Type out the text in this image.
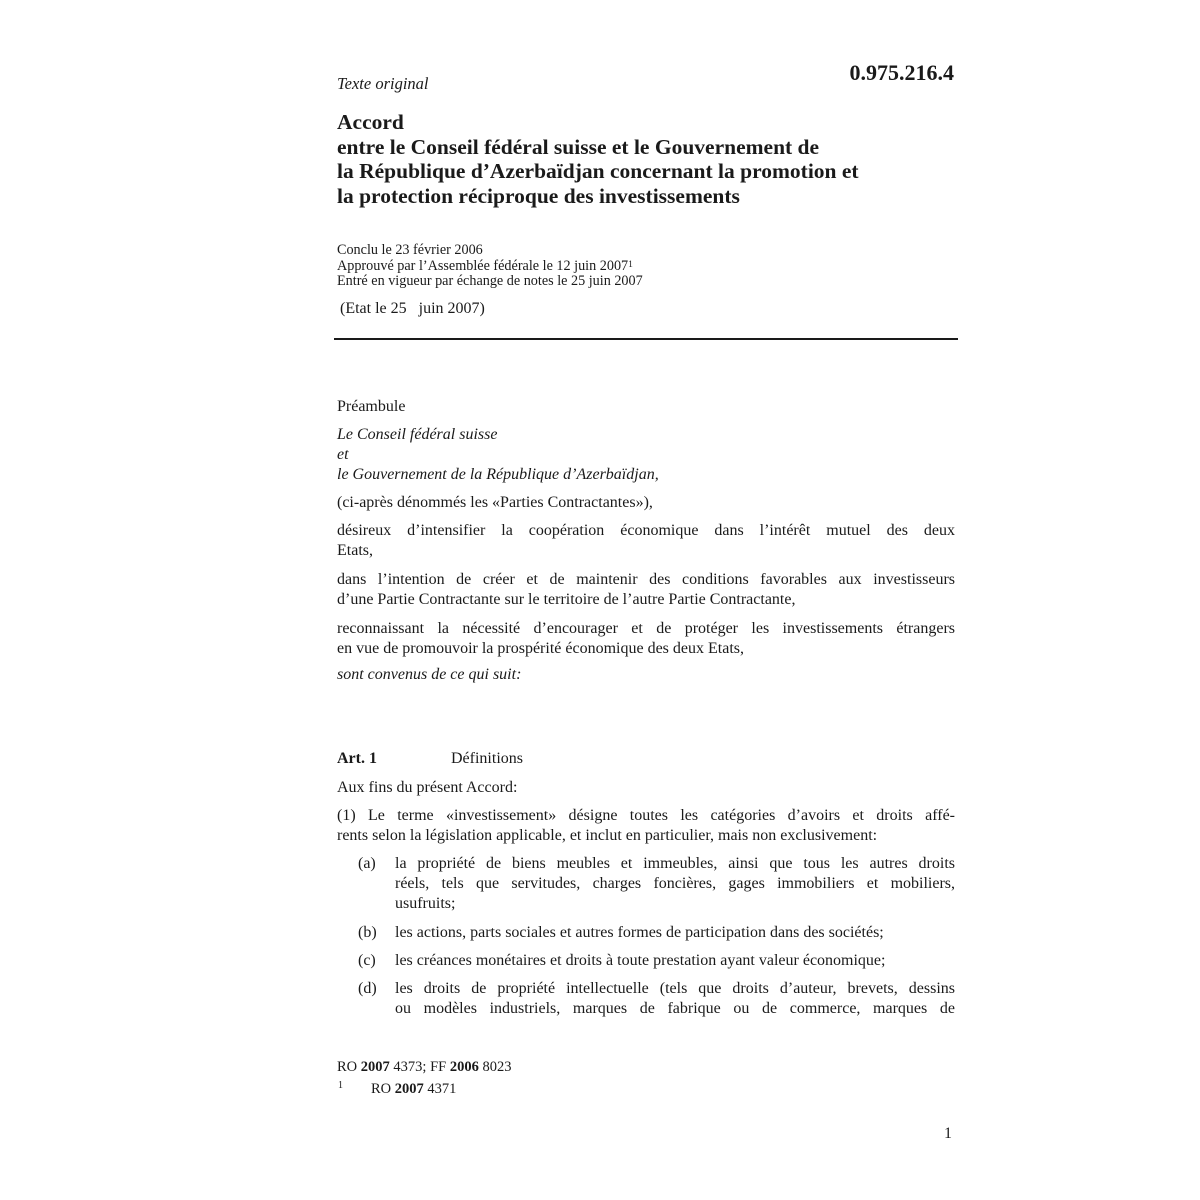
Texte original	0.975.216.4
Accord
entre le Conseil fédéral suisse et le Gouvernement de
la République d’Azerbaïdjan concernant la promotion et
la protection réciproque des investissements
Conclu le 23 février 2006
Approuvé par l’Assemblée fédérale le 12 juin 2007$^1$
Entré en vigueur par échange de notes le 25 juin 2007
(Etat le 25   juin 2007)
Préambule
Le Conseil fédéral suisse
et
le Gouvernement de la République d’Azerbaïdjan,
(ci-après dénommés les «Parties Contractantes»),
désireux d’intensifier la coopération économique dans l’intérêt mutuel des deux
Etats,
dans l’intention de créer et de maintenir des conditions favorables aux investisseurs
d’une Partie Contractante sur le territoire de l’autre Partie Contractante,
reconnaissant la nécessité d’encourager et de protéger les investissements étrangers
en vue de promouvoir la prospérité économique des deux Etats,
sont convenus de ce qui suit:
Art. 1	Définitions
Aux fins du présent Accord:
(1) Le terme «investissement» désigne toutes les catégories d’avoirs et droits affé-
rents selon la législation applicable, et inclut en particulier, mais non exclusivement:
(a) la propriété de biens meubles et immeubles, ainsi que tous les autres droits
réels, tels que servitudes, charges foncières, gages immobiliers et mobiliers,
usufruits;
(b) les actions, parts sociales et autres formes de participation dans des sociétés;
(c) les créances monétaires et droits à toute prestation ayant valeur économique;
(d) les droits de propriété intellectuelle (tels que droits d’auteur, brevets, dessins
ou modèles industriels, marques de fabrique ou de commerce, marques de
RO 2007 4373; FF 2006 8023
1 RO 2007 4371
1
